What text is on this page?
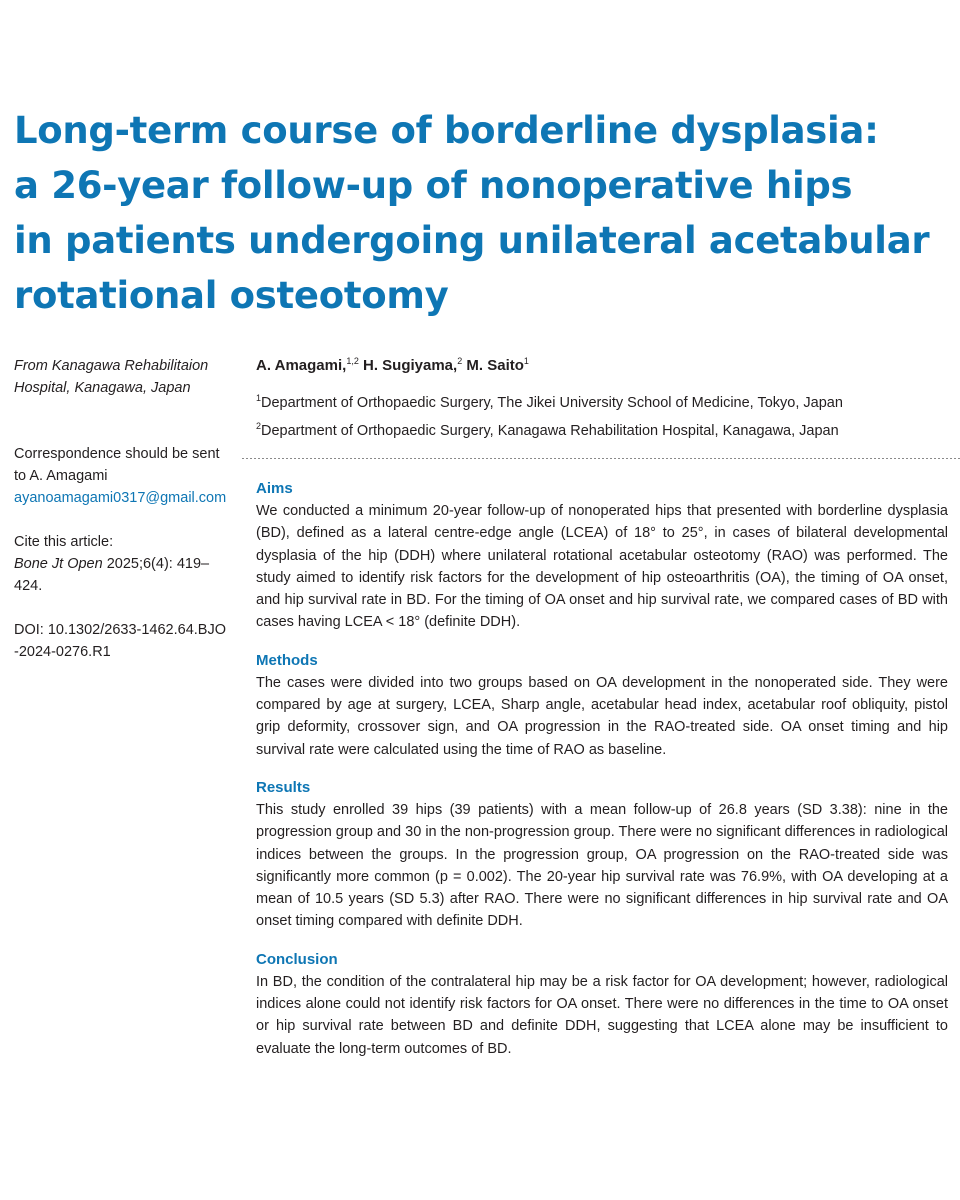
Long-term course of borderline dysplasia:
a 26-year follow-up of nonoperative hips
in patients undergoing unilateral acetabular
rotational osteotomy
From Kanagawa Rehabilitaion Hospital, Kanagawa, Japan
Correspondence should be sent to A. Amagami
ayanoamagami0317@gmail.com
Cite this article:
Bone Jt Open 2025;6(4): 419–424.
DOI: 10.1302/2633-1462.64.BJO-2024-0276.R1
A. Amagami,$^{1,2}$ H. Sugiyama,$^2$ M. Saito$^1$
$^1$Department of Orthopaedic Surgery, The Jikei University School of Medicine, Tokyo, Japan
$^2$Department of Orthopaedic Surgery, Kanagawa Rehabilitation Hospital, Kanagawa, Japan
Aims

We conducted a minimum 20-year follow-up of nonoperated hips that presented with borderline dysplasia (BD), defined as a lateral centre-edge angle (LCEA) of 18° to 25°, in cases of bilateral developmental dysplasia of the hip (DDH) where unilateral rotational acetabular osteotomy (RAO) was performed. The study aimed to identify risk factors for the development of hip osteoarthritis (OA), the timing of OA onset, and hip survival rate in BD. For the timing of OA onset and hip survival rate, we compared cases of BD with cases having LCEA < 18° (definite DDH).

Methods

The cases were divided into two groups based on OA development in the nonoperated side. They were compared by age at surgery, LCEA, Sharp angle, acetabular head index, acetabular roof obliquity, pistol grip deformity, crossover sign, and OA progression in the RAO-treated side. OA onset timing and hip survival rate were calculated using the time of RAO as baseline.

Results

This study enrolled 39 hips (39 patients) with a mean follow-up of 26.8 years (SD 3.38): nine in the progression group and 30 in the non-progression group. There were no significant differences in radiological indices between the groups. In the progression group, OA progression on the RAO-treated side was significantly more common (p = 0.002). The 20-year hip survival rate was 76.9%, with OA developing at a mean of 10.5 years (SD 5.3) after RAO. There were no significant differences in hip survival rate and OA onset timing compared with definite DDH.

Conclusion

In BD, the condition of the contralateral hip may be a risk factor for OA development; however, radiological indices alone could not identify risk factors for OA onset. There were no differences in the time to OA onset or hip survival rate between BD and definite DDH, suggesting that LCEA alone may be insufficient to evaluate the long-term outcomes of BD.
